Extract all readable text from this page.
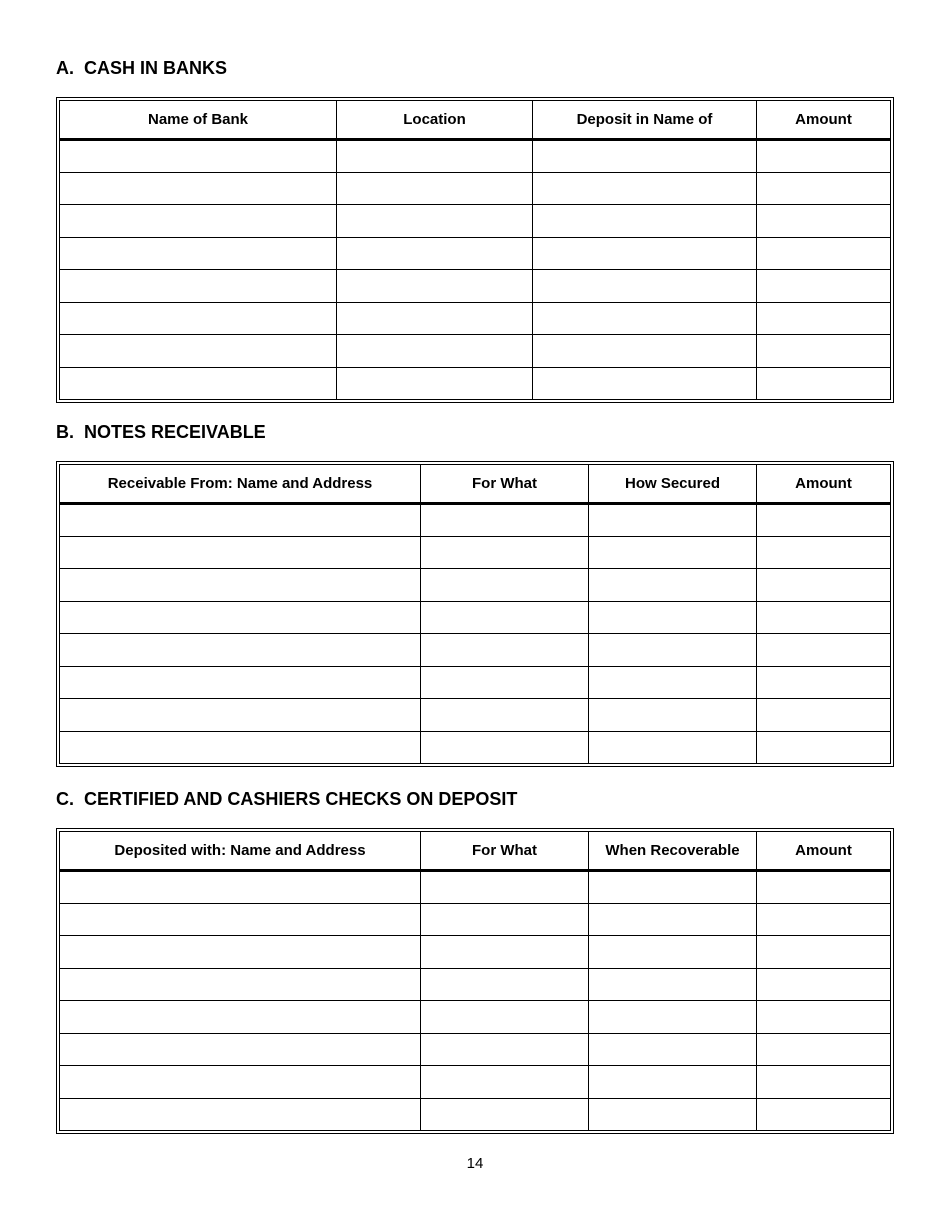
A.  CASH IN BANKS
Name of Bank	Location	Deposit in Name of	Amount

B.  NOTES RECEIVABLE
Receivable From: Name and Address	For What	How Secured	Amount

C.  CERTIFIED AND CASHIERS CHECKS ON DEPOSIT
Deposited with: Name and Address	For What	When Recoverable	Amount

14
